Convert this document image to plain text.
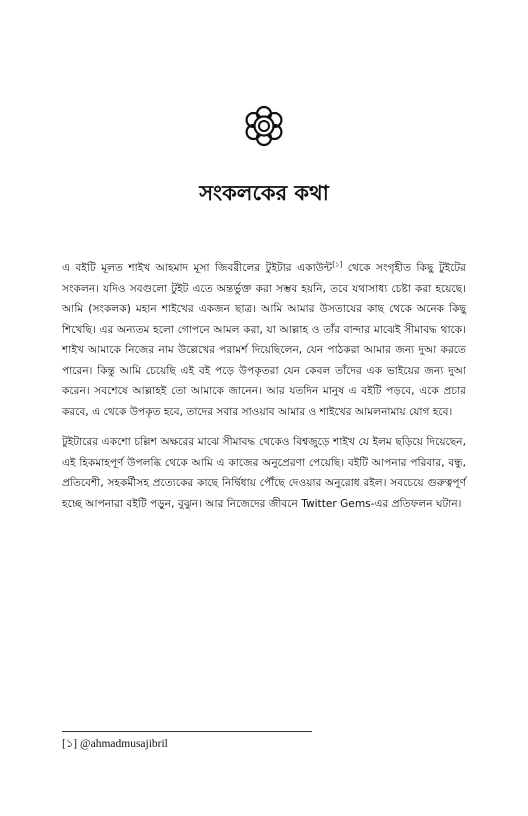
সংকলকের কথা

এ বইটি মূলত শাইখ আহমাদ মূসা জিবরীলের টুইটার একাউন্ট[১] থেকে সংগৃহীত কিছু টুইটের সংকলন। যদিও সবগুলো টুইট এতে অন্তর্ভুক্ত করা সম্ভব হয়নি, তবে যথাসাধ্য চেষ্টা করা হয়েছে। আমি (সংকলক) মহান শাইখের একজন ছাত্র। আমি আমার উসতাযের কাছ থেকে অনেক কিছু শিখেছি। এর অন্যতম হলো গোপনে আমল করা, যা আল্লাহ ও তাঁর বান্দার মাঝেই সীমাবদ্ধ থাকে। শাইখ আমাকে নিজের নাম উল্লেখের পরামর্শ দিয়েছিলেন, যেন পাঠকরা আমার জন্য দুআ করতে পারেন। কিন্তু আমি চেয়েছি এই বই পড়ে উপকৃতরা যেন কেবল তাঁদের এক ভাইয়ের জন্য দুআ করেন। সবশেষে আল্লাহই তো আমাকে জানেন। আর যতদিন মানুষ এ বইটি পড়বে, একে প্রচার করবে, এ থেকে উপকৃত হবে, তাদের সবার সাওয়াব আমার ও শাইখের আমলনামায় যোগ হবে।

টুইটারের একশো চল্লিশ অক্ষরের মাঝে সীমাবদ্ধ থেকেও বিশ্বজুড়ে শাইখ যে ইলম ছড়িয়ে দিয়েছেন, এই হিকমাহপূর্ণ উপলব্ধি থেকে আমি এ কাজের অনুপ্রেরণা পেয়েছি। বইটি আপনার পরিবার, বন্ধু, প্রতিবেশী, সহকর্মীসহ প্রত্যেকের কাছে নির্দ্বিধায় পৌঁছে দেওয়ার অনুরোধ রইল। সবচেয়ে গুরুত্বপূর্ণ হচ্ছে আপনারা বইটি পড়ুন, বুঝুন। আর নিজেদের জীবনে Twitter Gems-এর প্রতিফলন ঘটান।

[১] @ahmadmusajibril
